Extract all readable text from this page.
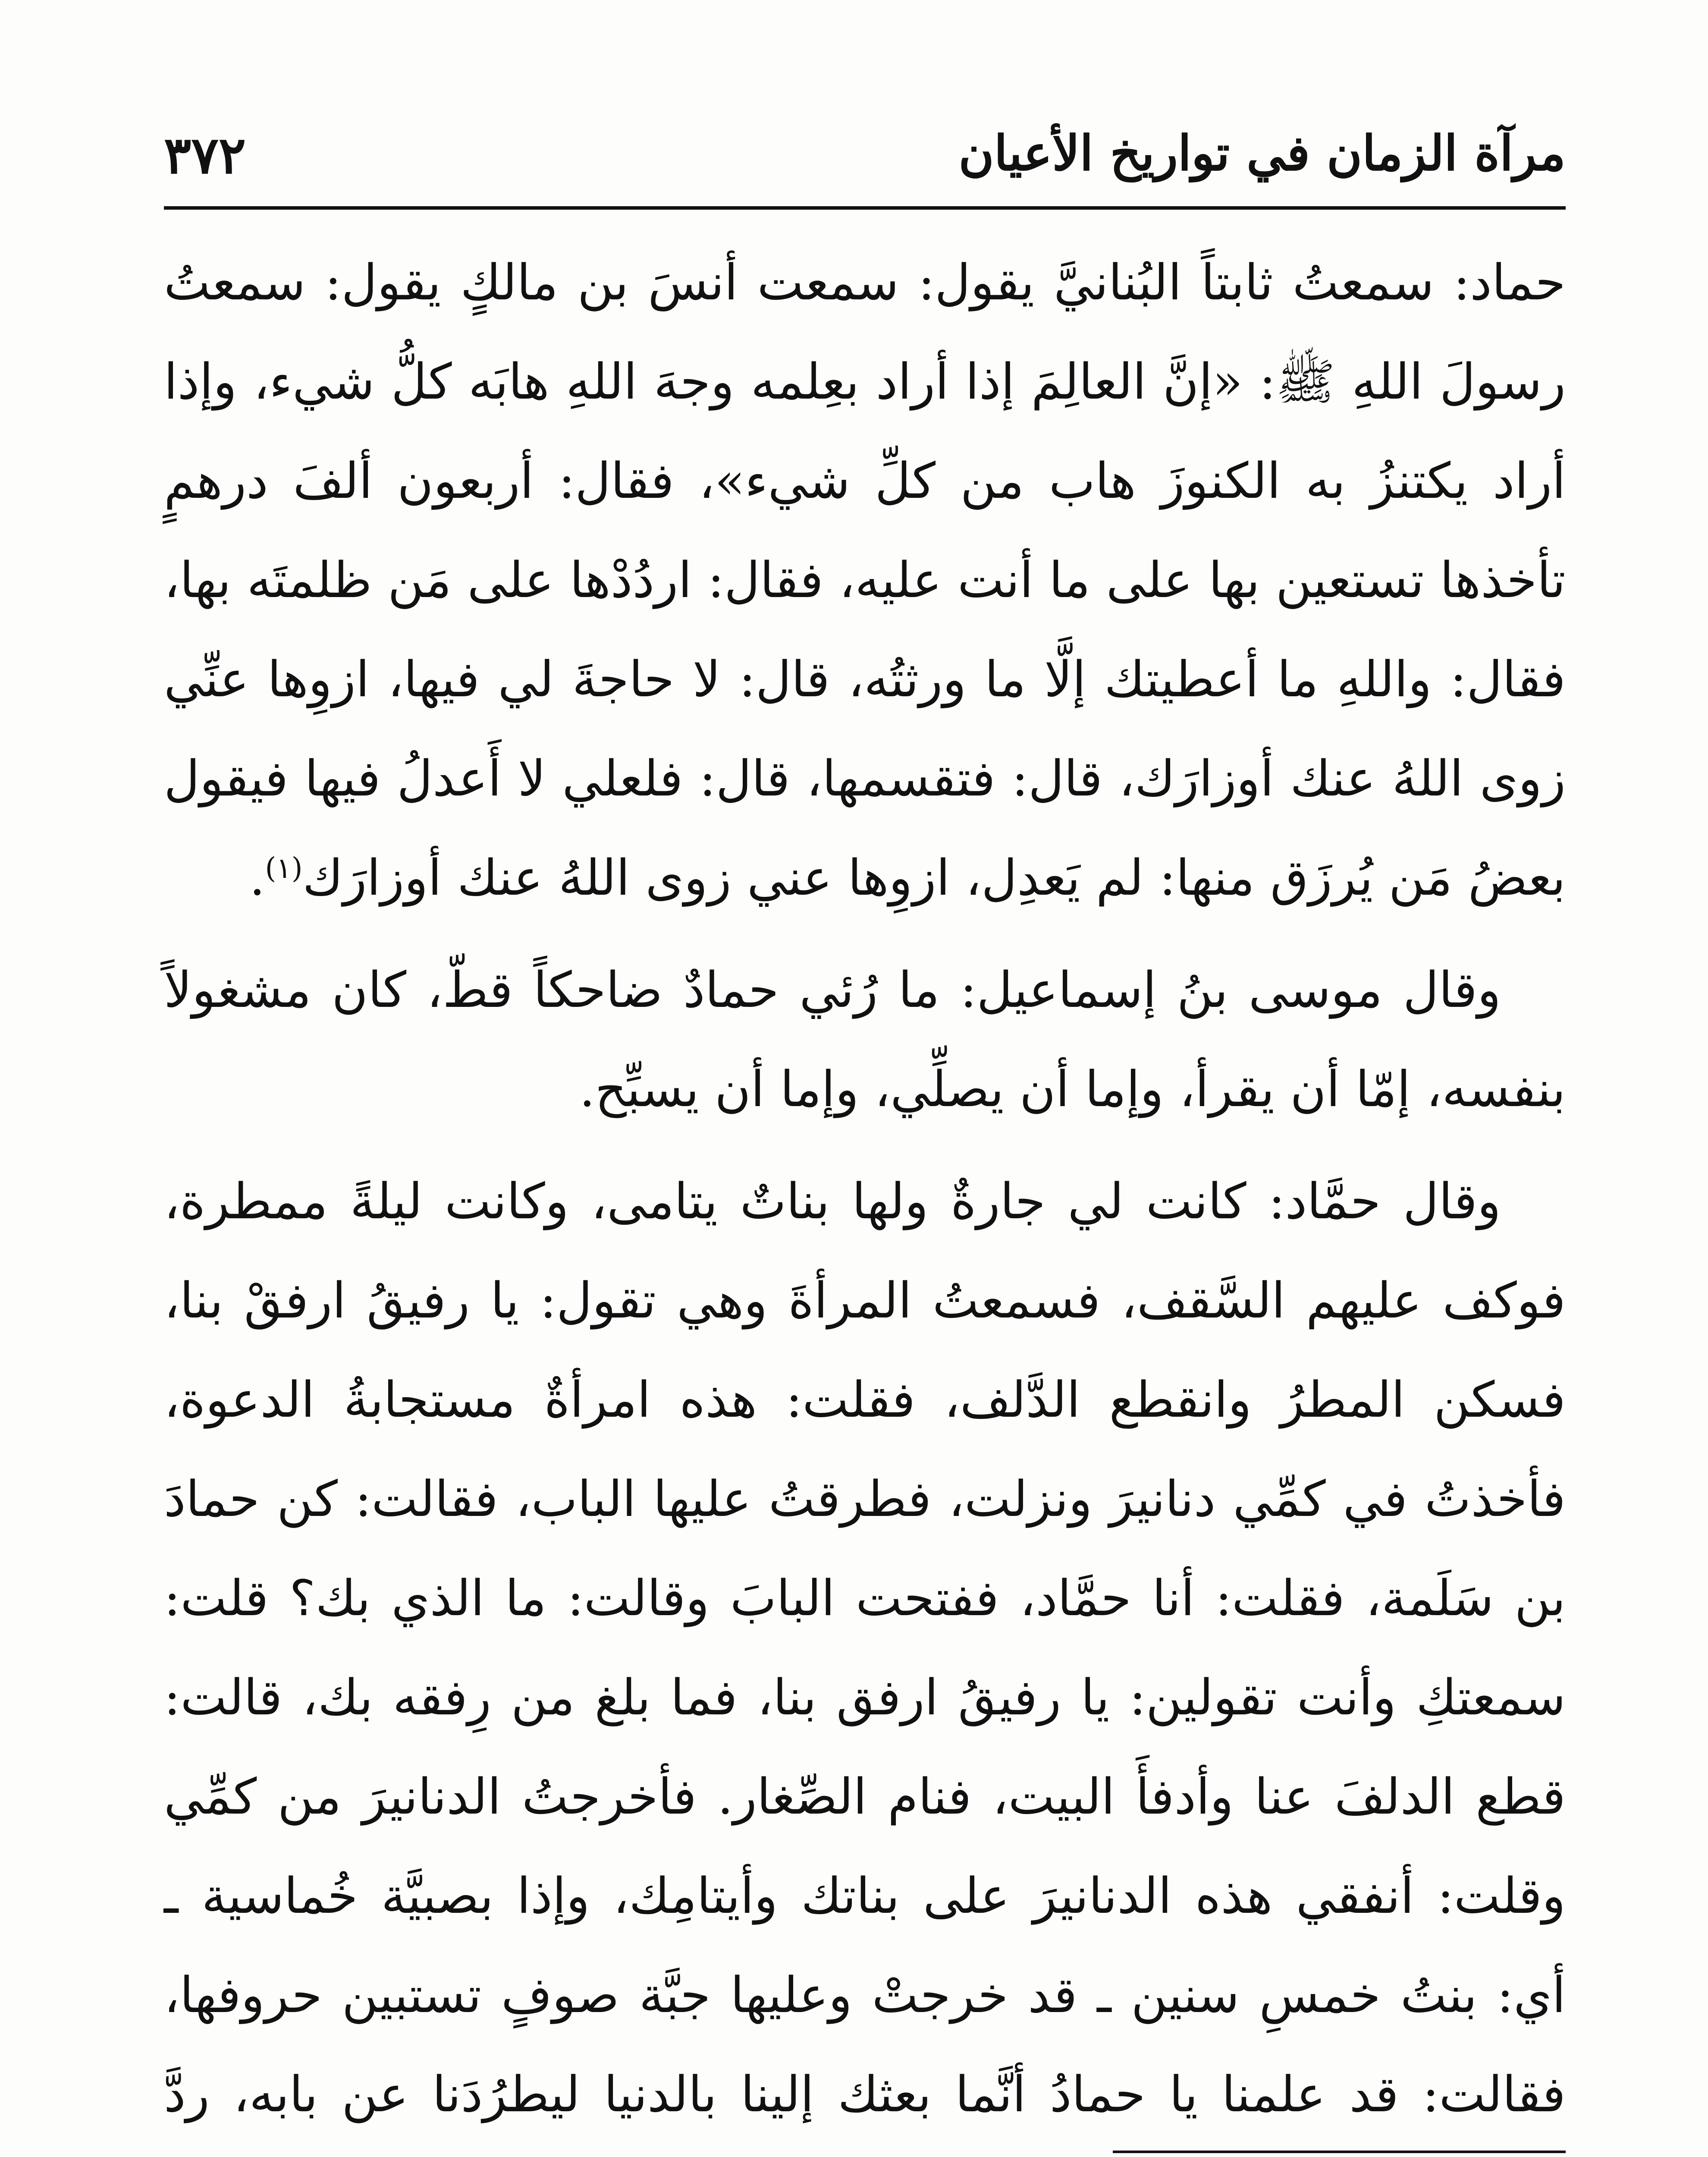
٣٧٢	مرآة الزمان في تواريخ الأعيان

حماد: سمعتُ ثابتاً البُنانيَّ يقول: سمعت أنسَ بن مالكٍ يقول: سمعتُ رسولَ اللهِ ﷺ: «إنَّ العالِمَ إذا أراد بعِلمه وجهَ اللهِ هابَه كلُّ شيء، وإذا أراد يكتنزُ به الكنوزَ هاب من كلِّ شيء»، فقال: أربعون ألفَ درهمٍ تأخذها تستعين بها على ما أنت عليه، فقال: اردُدْها على مَن ظلمتَه بها، فقال: واللهِ ما أعطيتك إلَّا ما ورثتُه، قال: لا حاجةَ لي فيها، ازوِها عنِّي زوى اللهُ عنك أوزارَك، قال: فتقسمها، قال: فلعلي لا أَعدلُ فيها فيقول بعضُ مَن يُرزَق منها: لم يَعدِل، ازوِها عني زوى اللهُ عنك أوزارَك$^{(١)}$.

وقال موسى بنُ إسماعيل: ما رُئي حمادٌ ضاحكاً قطّ، كان مشغولاً بنفسه، إمّا أن يقرأ، وإما أن يصلِّي، وإما أن يسبِّح.

وقال حمَّاد: كانت لي جارةٌ ولها بناتٌ يتامى، وكانت ليلةً ممطرة، فوكف عليهم السَّقف، فسمعتُ المرأةَ وهي تقول: يا رفيقُ ارفقْ بنا، فسكن المطرُ وانقطع الدَّلف، فقلت: هذه امرأةٌ مستجابةُ الدعوة، فأخذتُ في كمِّي دنانيرَ ونزلت، فطرقتُ عليها الباب، فقالت: كن حمادَ بن سَلَمة، فقلت: أنا حمَّاد، ففتحت البابَ وقالت: ما الذي بك؟ قلت: سمعتكِ وأنت تقولين: يا رفيقُ ارفق بنا، فما بلغ من رِفقه بك، قالت: قطع الدلفَ عنا وأدفأَ البيت، فنام الصِّغار. فأخرجتُ الدنانيرَ من كمِّي وقلت: أنفقي هذه الدنانيرَ على بناتك وأيتامِك، وإذا بصبيَّة خُماسية ـ أي: بنتُ خمسِ سنين ـ قد خرجتْ وعليها جبَّة صوفٍ تستبين حروفها، فقالت: قد علمنا يا حمادُ أنَّما بعثك إلينا بالدنيا ليطرُدَنا عن بابه، ردَّ
